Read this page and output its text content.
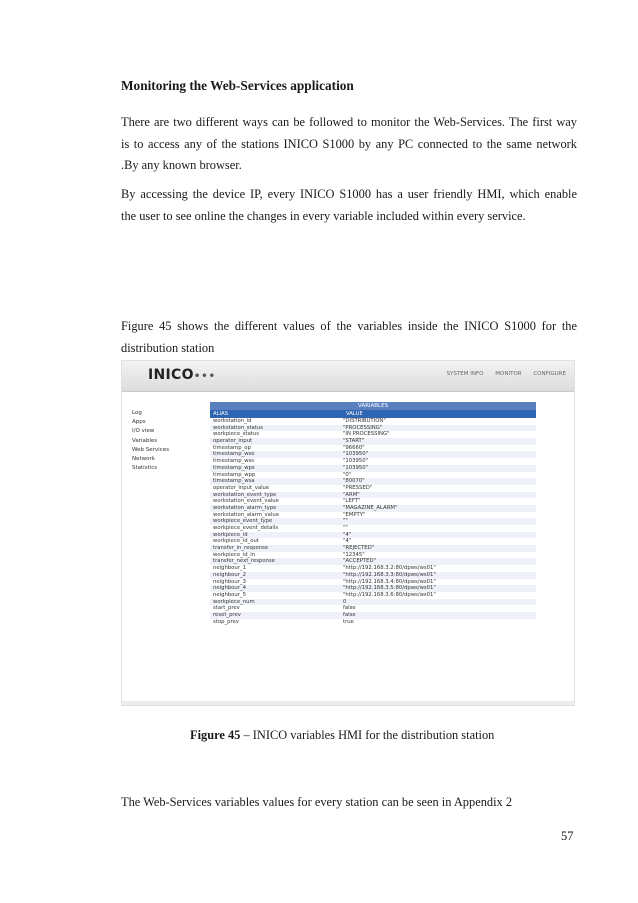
Monitoring the Web-Services application
There are two different ways can be followed to monitor the Web-Services. The first way
is to access any of the stations INICO S1000 by any PC connected to the same network
.By any known browser.
By accessing the device IP, every INICO S1000 has a user friendly HMI, which enable
the user to see online the changes in every variable included within every service.
Figure 45 shows the different values of the variables inside the INICO S1000 for the
distribution station
INICO•••	SYSTEM INFO MONITOR CONFIGURE
Log
Apps
I/O view
Variables
Web Services
Network
Statistics
VARIABLES
ALIAS	VALUE
workstation_id	"DISTRIBUTION"
workstation_status	"PROCESSING"
workpiece_status	"IN PROCESSING"
operator_input	"START"
timestamp_op	"96660"
timestamp_wse	"103950"
timestamp_wss	"103950"
timestamp_wps	"103950"
timestamp_wpp	"0"
timestamp_wsa	"80070"
operator_input_value	"PRESSED"
workstation_event_type	"ARM"
workstation_event_value	"LEFT"
workstation_alarm_type	"MAGAZINE_ALARM"
workstation_alarm_value	"EMPTY"
workpiece_event_type	""
workpiece_event_details	""
workpiece_id	"4"
workpiece_id_out	"4"
transfer_in_response	"REJECTED"
workpiece_id_in	"12345"
transfer_next_response	"ACCEPTED"
neighbour_1	"http://192.168.3.2:80/dpws/ws01"
neighbour_2	"http://192.168.3.3:80/dpws/ws01"
neighbour_3	"http://192.168.3.4:80/dpws/ws01"
neighbour_4	"http://192.168.3.5:80/dpws/ws01"
neighbour_5	"http://192.168.3.6:80/dpws/ws01"
workpiece_num	0
start_prev	false
reset_prev	false
stop_prev	true
Figure 45 – INICO variables HMI for the distribution station
The Web-Services variables values for every station can be seen in Appendix 2
57
